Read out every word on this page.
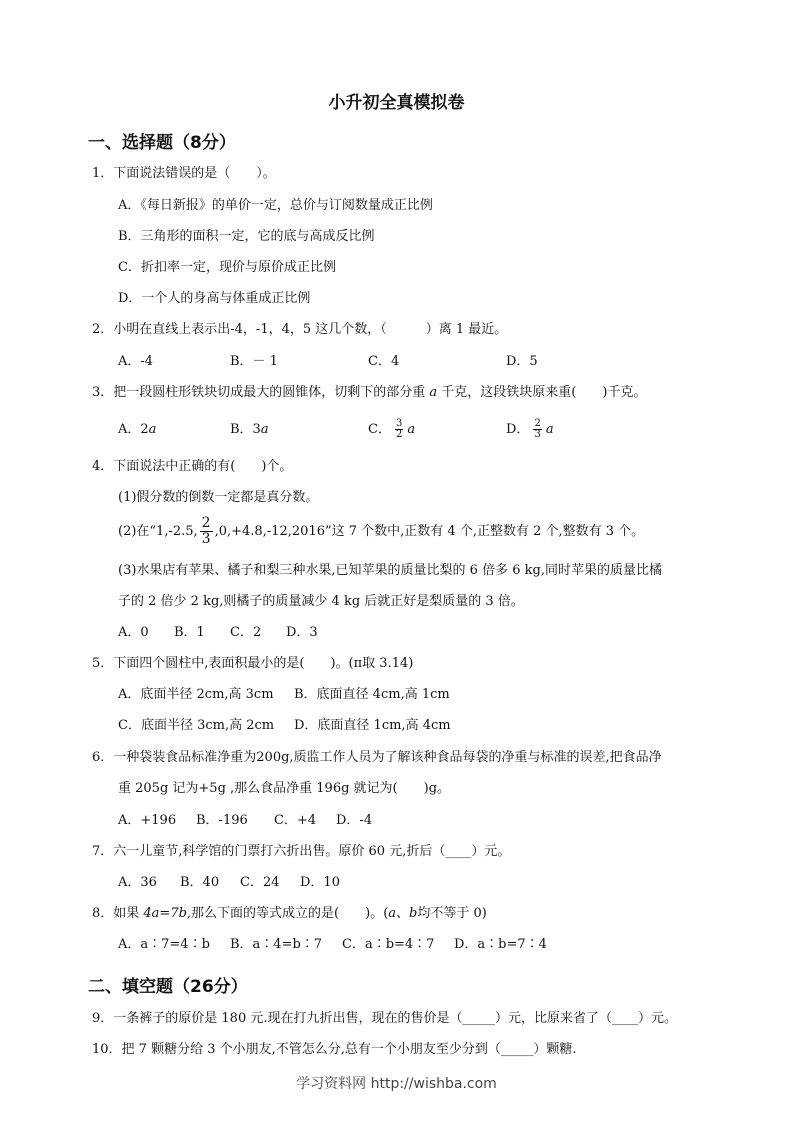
小升初全真模拟卷
一、选择题（8分）
1．下面说法错误的是（　　）。
A．《每日新报》的单价一定，总价与订阅数量成正比例
B．三角形的面积一定，它的底与高成反比例
C．折扣率一定，现价与原价成正比例
D．一个人的身高与体重成正比例
2．小明在直线上表示出-4，-1，4，5 这几个数，（　　　）离 1 最近。
A．-4	B．－ 1	C．4	D．5
3．把一段圆柱形铁块切成最大的圆锥体，切剩下的部分重 a 千克，这段铁块原来重(　　)千克。
A．2a	B．3a	C． $\frac{3}{2}$ a	D． $\frac{2}{3}$ a
4．下面说法中正确的有(　　)个。
(1)假分数的倒数一定都是真分数。
(2)在“1,-2.5, $\frac{2}{3} ,0,+4.8,-12,2016$”这 7 个数中,正数有 4 个,正整数有 2 个,整数有 3 个。
(3)水果店有苹果、橘子和梨三种水果,已知苹果的质量比梨的 6 倍多 6 kg,同时苹果的质量比橘
子的 2 倍少 2 kg,则橘子的质量减少 4 kg 后就正好是梨质量的 3 倍。
A．0 B．1 C．2 D．3
5．下面四个圆柱中,表面积最小的是(　　)。(π取 3.14)
A．底面半径 2cm,高 3cm B．底面直径 4cm,高 1cm
C．底面半径 3cm,高 2cm D．底面直径 1cm,高 4cm
6．一种袋装食品标准净重为200g,质监工作人员为了解该种食品每袋的净重与标准的误差,把食品净
重 205g 记为+5g ,那么食品净重 196g 就记为(　　)g。
A．+196 B．-196 C．+4 D．-4
7．六一儿童节,科学馆的门票打六折出售。原价 60 元,折后（____）元。
A．36 B．40 C．24 D．10
8．如果 4a=7b,那么下面的等式成立的是(　　)。(a、b均不等于 0)
A．a∶7=4∶b B．a∶4=b∶7 C．a∶b=4∶7 D．a∶b=7∶4
二、填空题（26分）
9．一条裤子的原价是 180 元.现在打九折出售，现在的售价是（_____）元，比原来省了（____）元。
10．把 7 颗糖分给 3 个小朋友,不管怎么分,总有一个小朋友至少分到（_____）颗糖.
学习资料网 http://wishba.com
